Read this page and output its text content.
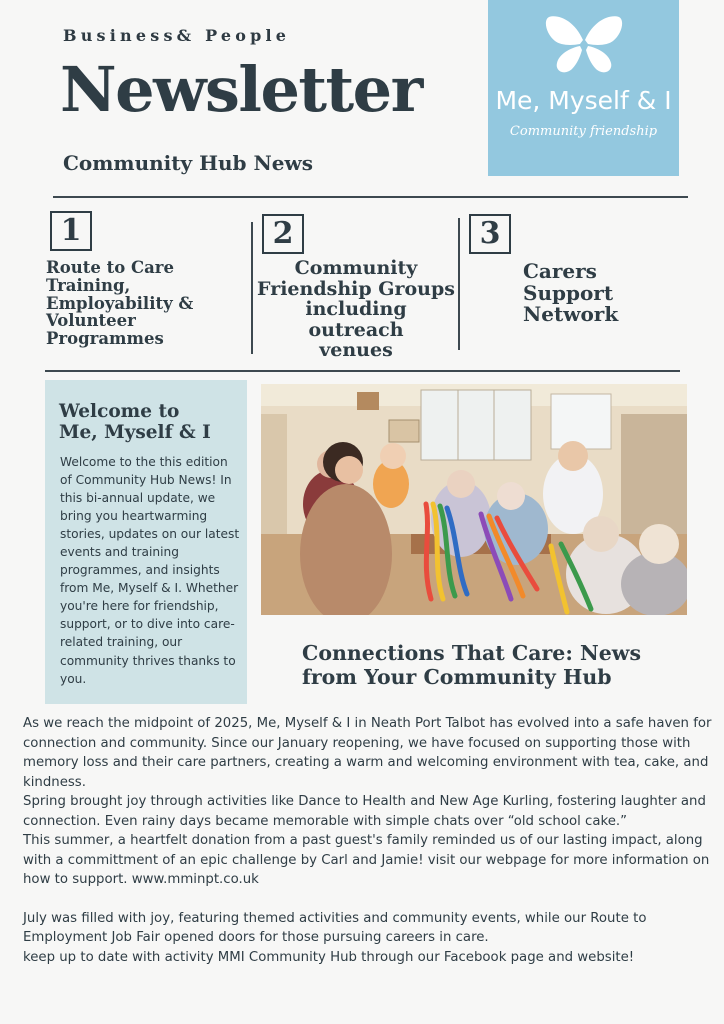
Business& People
Newsletter
Community Hub News
Me, Myself & I
Community friendship
1
Route to Care
Training,
Employability &
Volunteer
Programmes
2
Community
Friendship Groups
including outreach
venues
3
Carers
Support
Network
Welcome to
Me, Myself & I
Welcome to the this edition of Community Hub News! In this bi-annual update, we bring you heartwarming stories, updates on our latest events and training programmes, and insights from Me, Myself & I. Whether you're here for friendship, support, or to dive into care-related training, our community thrives thanks to you.
Connections That Care: News
from Your Community Hub

As we reach the midpoint of 2025, Me, Myself & I in Neath Port Talbot has evolved into a safe haven for connection and community. Since our January reopening, we have focused on supporting those with memory loss and their care partners, creating a warm and welcoming environment with tea, cake, and kindness.

Spring brought joy through activities like Dance to Health and New Age Kurling, fostering laughter and connection. Even rainy days became memorable with simple chats over “old school cake.”

This summer, a heartfelt donation from a past guest's family reminded us of our lasting impact, along with a committment of an epic challenge by Carl and Jamie! visit our webpage for more information on how to support. www.mminpt.co.uk

July was filled with joy, featuring themed activities and community events, while our Route to Employment Job Fair opened doors for those pursuing careers in care.

keep up to date with activity MMI Community Hub through our Facebook page and website!
